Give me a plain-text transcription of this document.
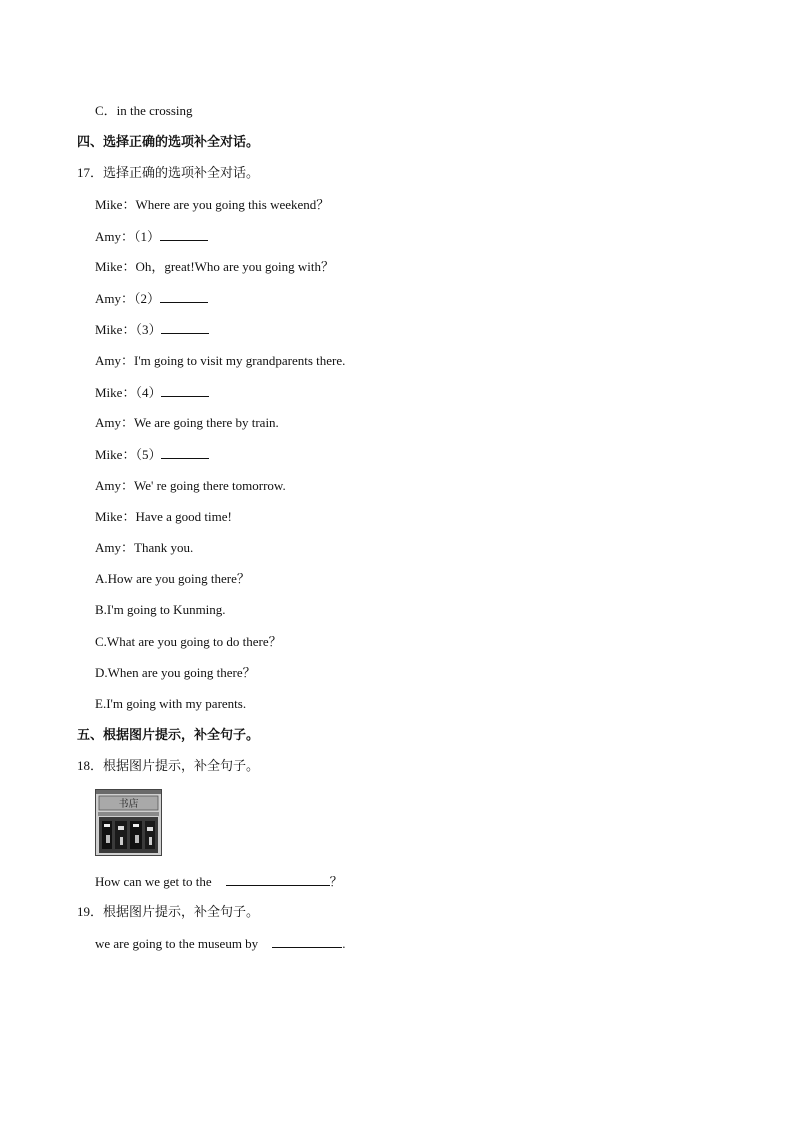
C．in the crossing
四、选择正确的选项补全对话。
17．选择正确的选项补全对话。
Mike：Where are you going this weekend？
Amy：（1）
Mike：Oh，great!Who are you going with？
Amy：（2）
Mike：（3）
Amy：I'm going to visit my grandparents there.
Mike：（4）
Amy：We are going there by train.
Mike：（5）
Amy：We' re going there tomorrow.
Mike：Have a good time!
Amy：Thank you.
A.How are you going there？
B.I'm going to Kunming.
C.What are you going to do there？
D.When are you going there？
E.I'm going with my parents.
五、根据图片提示，补全句子。
18．根据图片提示，补全句子。
书店
How can we get to the	？
19．根据图片提示，补全句子。
we are going to the museum by	.
